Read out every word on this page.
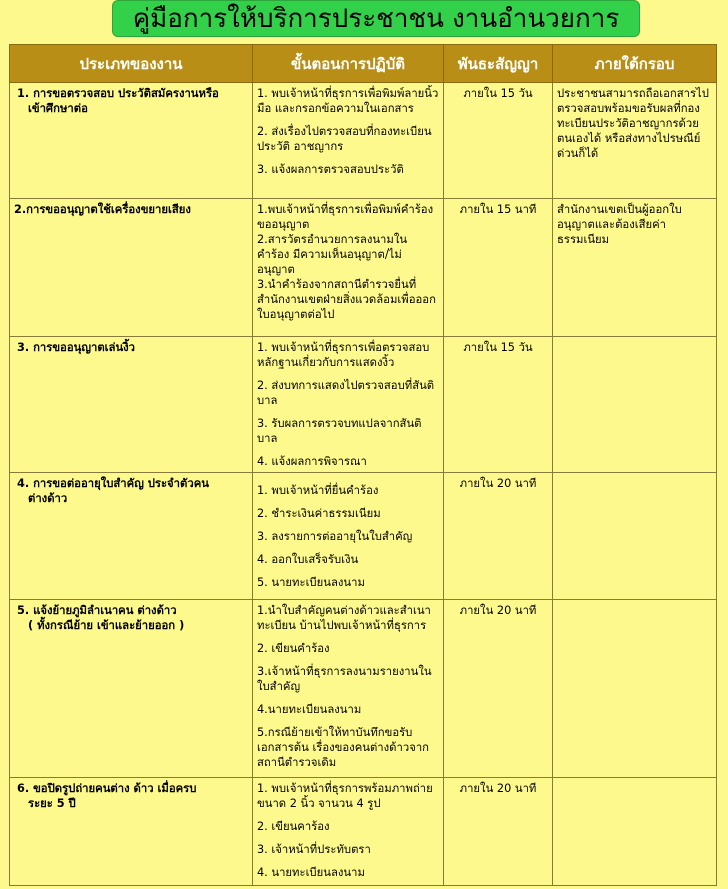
คู่มือการให้บริการประชาชน งานอำนวยการ
ประเภทของงาน	ขั้นตอนการปฏิบัติ	พันธะสัญญา	ภายใต้กรอบ

1. การขอตรวจสอบ ประวัติสมัครงานหรือ
เข้าศึกษาต่อ	1. พบเจ้าหน้าที่ธุรการเพื่อพิมพ์ลายนิ้วมือ และกรอกข้อความในเอกสาร
2. ส่งเรื่องไปตรวจสอบที่กองทะเบียนประวัติ อาชญากร
3. แจ้งผลการตรวจสอบประวัติ	ภายใน 15 วัน	ประชาชนสามารถถือเอกสารไปตรวจสอบพร้อมขอรับผลที่กองทะเบียนประวัติอาชญากรด้วยตนเองได้ หรือส่งทางไปรษณีย์ด่วนก็ได้
2.การขออนุญาตใช้เครื่องขยายเสียง	1.พบเจ้าหน้าที่ธุรการเพื่อพิมพ์คำร้องขออนุญาต
2.สารวัตรอำนวยการลงนามในคำร้อง มีความเห็นอนุญาต/ไม่อนุญาต
3.นำคำร้องจากสถานีตำรวจยื่นที่สำนักงานเขตฝ่ายสิ่งแวดล้อมเพื่อออกใบอนุญาตต่อไป	ภายใน 15 นาที	สำนักงานเขตเป็นผู้ออกใบอนุญาตและต้องเสียค่าธรรมเนียม

3. การขออนุญาตเล่นงิ้ว	1. พบเจ้าหน้าที่ธุรการเพื่อตรวจสอบหลักฐานเกี่ยวกับการแสดงงิ้ว
2. ส่งบทการแสดงไปตรวจสอบที่สันติบาล
3. รับผลการตรวจบทแปลจากสันติบาล
4. แจ้งผลการพิจารณา	ภายใน 15 วัน	

4. การขอต่ออายุใบสำคัญ ประจำตัวคน
ต่างด้าว	1. พบเจ้าหน้าที่ยื่นคำร้อง
2. ชำระเงินค่าธรรมเนียม
3. ลงรายการต่ออายุในใบสำคัญ
4. ออกใบเสร็จรับเงิน
5. นายทะเบียนลงนาม	ภายใน 20 นาที	

5. แจ้งย้ายภูมิลำเนาคน ต่างด้าว
( ทั้งกรณีย้าย เข้าและย้ายออก )	1.นำใบสำคัญคนต่างด้าวและสำเนาทะเบียน บ้านไปพบเจ้าหน้าที่ธุรการ
2. เขียนคำร้อง
3.เจ้าหน้าที่ธุรการลงนามรายงานในใบสำคัญ
4.นายทะเบียนลงนาม
5.กรณีย้ายเข้าให้ทาบันทึกขอรับเอกสารต้น เรื่องของคนต่างด้าวจากสถานีตำรวจเดิม	ภายใน 20 นาที	

6. ขอปิดรูปถ่ายคนต่าง ด้าว เมื่อครบ
ระยะ 5 ปี	1. พบเจ้าหน้าที่ธุรการพร้อมภาพถ่ายขนาด 2 นิ้ว จานวน 4 รูป
2. เขียนคาร้อง
3. เจ้าหน้าที่ประทับตรา
4. นายทะเบียนลงนาม	ภายใน 20 นาที	
